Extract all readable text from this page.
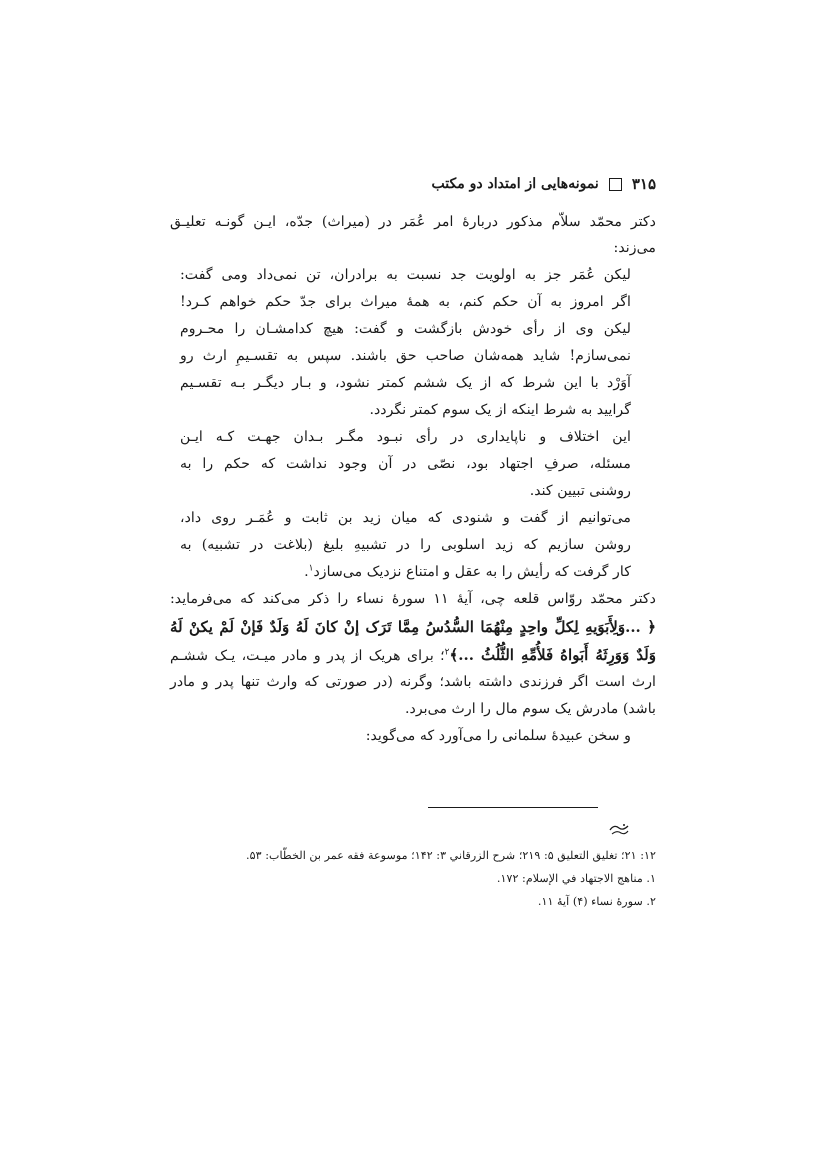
۳۱۵
نمونه‌هایی از امتداد دو مکتب
دکتر محمّد سلاّم مذکور دربارۀ امر عُمَر در (میراث) جدّه، ایـن گونـه تعلیـق
می‌زند:
لیکن عُمَر جز به اولویت جد نسبت به برادران، تن نمی‌داد ومی گفت:
اگر امروز به آن حکم کنم، به همۀ میراث برای جدّ حکم خواهم کـرد!
لیکن وی از رأی خودش بازگشت و گفت: هیچ کدامشـان را محـروم
نمی‌سازم! شاید همه‌شان صاحب حق باشند. سپس به تقسـیمِ ارث رو
آوَرْد با این شرط که از یک ششم کمتر نشود، و بـار دیگـر بـه تقسـیم
گرایید به شرط اینکه از یک سوم کمتر نگردد.
این اختلاف و ناپایداری در رأی نبـود مگـر بـدان جهـت کـه ایـن
مسئله، صرفِ اجتهاد بود، نصّی در آن وجود نداشت که حکم را به
روشنی تبیین کند.
می‌توانیم از گفت و شنودی که میان زید بن ثابت و عُمَـر روی داد،
روشن سازیم که زید اسلوبی را در تشبیهِ بلیغ (بلاغت در تشبیه) به
کار گرفت که رأیش را به عقل و امتناع نزدیک می‌سازد$^۱$.
دکتر محمّد روّاس قلعه چی، آیۀ ۱۱ سورۀ نساء را ذکر می‌کند که می‌فرماید:
﴿ ...وَلِأَبَوَيهِ لِكلِّ واحِدٍ مِنْهُمَا السُّدُسُ مِمَّا تَرَک إنْ كانَ لَهُ وَلَدٌ فَإنْ لَمْ يكنْ لَهُ
وَلَدٌ وَوَرِثَهُ أَبَواهُ فَلأُمِّهِ الثُّلُثُ ...﴾$^۲$؛ برای هریک از پدر و مادر میـت، یـک ششـم
ارث است اگر فرزندی داشته باشد؛ وگرنه (در صورتی که وارث تنها پدر و مادر
باشد) مادرش یک سوم مال را ارث می‌برد.
و سخن عبیدۀ سلمانی را می‌آورد که می‌گوید:
۱۲: ۲۱؛ تغليق التعليق ۵: ۲۱۹؛ شرح الزرقاني ۳: ۱۴۲؛ موسوعة فقه عمر بن الخطّاب: ۵۳.
۱. مناهج الاجتهاد في الإسلام: ۱۷۲.
۲. سورۀ نساء (۴) آیۀ ۱۱.
